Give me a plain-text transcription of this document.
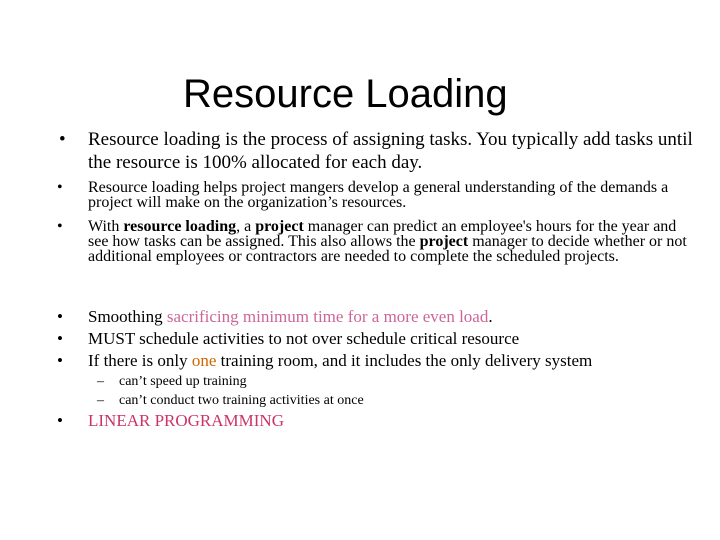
Resource Loading
• Resource loading is the process of assigning tasks. You typically add tasks until the resource is 100% allocated for each day.
• Resource loading helps project mangers develop a general understanding of the demands a project will make on the organization’s resources.
• With resource loading, a project manager can predict an employee's hours for the year and see how tasks can be assigned. This also allows the project manager to decide whether or not additional employees or contractors are needed to complete the scheduled projects.
• Smoothing sacrificing minimum time for a more even load.
• MUST schedule activities to not over schedule critical resource
• If there is only one training room, and it includes the only delivery system
– can’t speed up training
– can’t conduct two training activities at once
• LINEAR PROGRAMMING
